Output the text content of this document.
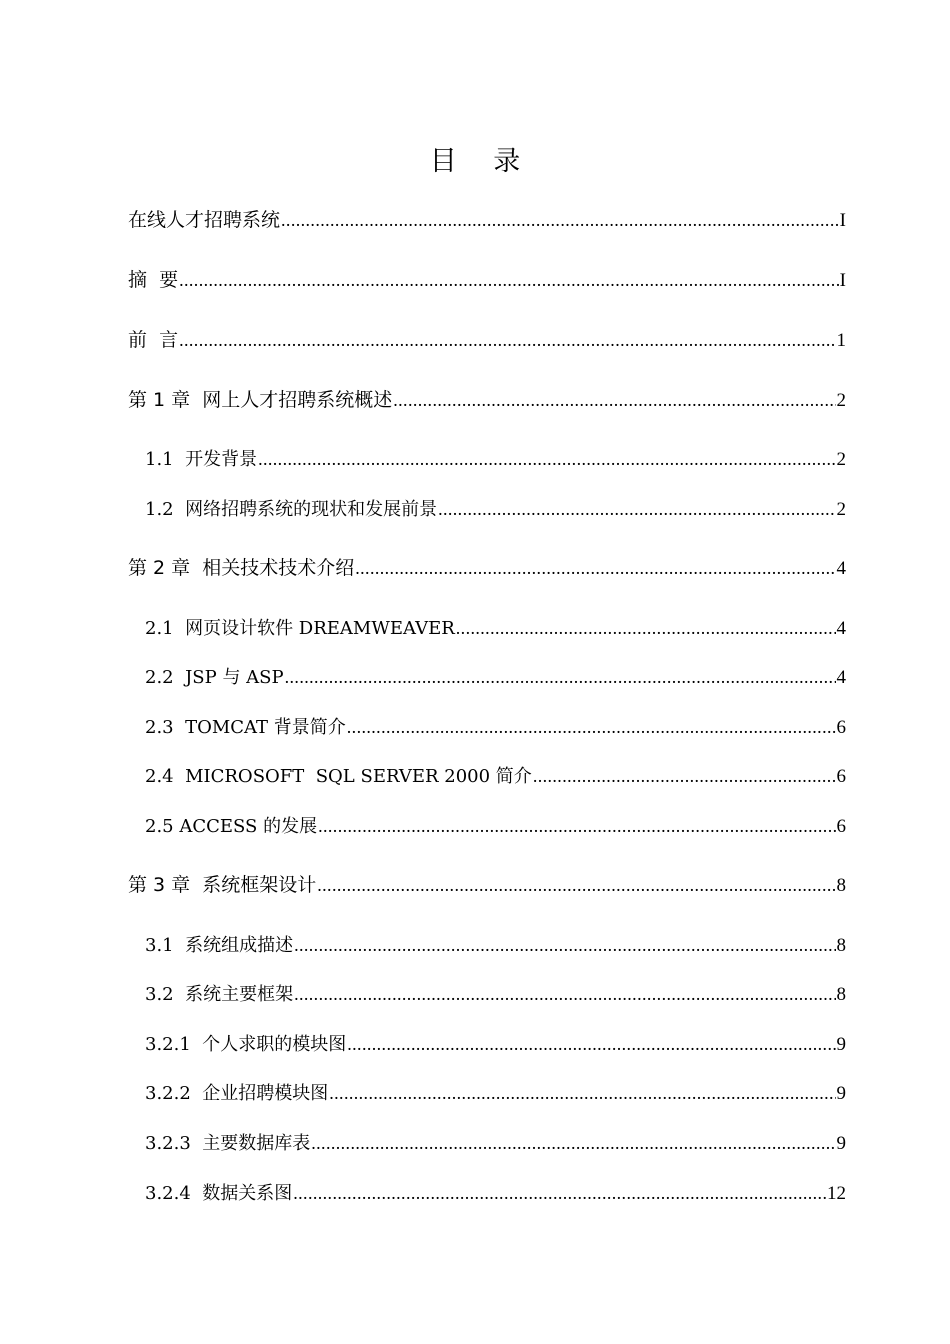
目 录
在线人才招聘系统 .....	I
摘  要 .....	I
前  言 .....	1
第 1 章  网上人才招聘系统概述 .....	2
1.1  开发背景 .....	2
1.2  网络招聘系统的现状和发展前景 .....	2
第 2 章  相关技术技术介绍 .....	4
2.1  网页设计软件 DREAMWEAVER .....	4
2.2  JSP 与 ASP .....	4
2.3  TOMCAT 背景简介 .....	6
2.4  MICROSOFT  SQL SERVER 2000 简介 .....	6
2.5 ACCESS 的发展 .....	6
第 3 章  系统框架设计 .....	8
3.1  系统组成描述 .....	8
3.2  系统主要框架 .....	8
3.2.1  个人求职的模块图 .....	9
3.2.2  企业招聘模块图 .....	9
3.2.3  主要数据库表 .....	9
3.2.4  数据关系图 .....	12
